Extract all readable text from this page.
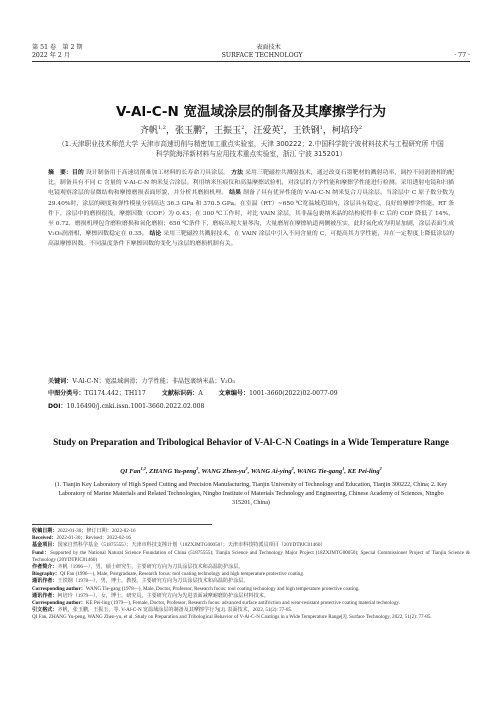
第 51 卷　第 2 期	表面技术
2022 年 2 月	SURFACE TECHNOLOGY	· 77 ·
V-Al-C-N 宽温域涂层的制备及其摩擦学行为
齐帆$^{1,2}$，张玉鹏$^2$，王振玉$^2$，汪爱英$^2$，王铁钢$^1$，柯培玲$^2$
（1.天津职业技术师范大学 天津市高速切削与精密加工重点实验室，天津 300222；2.中国科学院宁波材料技术与工程研究所 中国科学院海洋新材料与应用技术重点实验室，浙江 宁波 315201）
摘　要：目的 设计制备用于高速切削难加工材料的长寿命刀具涂层。 方法 采用三靶磁控共溅射技术，通过改变石墨靶材的溅射功率，调控不同润滑相的配比，制备具有不同 C 含量的 V-Al-C-N 纳米复合涂层。利用纳米压痕仪和高温摩擦试验机，对涂层的力学性能和摩擦学性能进行检测。采用透射电镜和扫描电镜观察涂层的显微结构和摩擦磨损表面形貌，并分析其磨损机理。 结果 制备了具有优异性能的 V-Al-C-N 纳米复合刀具涂层。当涂层中 C 原子数分数为 29.40%时，涂层的硬度和弹性模量分别高达 36.3 GPa 和 370.5 GPa。在室温（RT）~650 ℃宽温域范围内，涂层具有稳定、良好的摩擦学性能。RT 条件下，涂层中的磨损很浅，摩擦因数（COF）为 0.43；在 300 ℃工作时，对比 VAlN 涂层，其非晶包裹纳米晶的结构使得非 C 后的 COF 降低了 14%，至 0.72，磨损机理包含磨粒磨损和氧化磨损；650 ℃条件下，磨痕出现大量琴沟，大量磨屑在摩擦轨道两侧被压实，此时氧化成为明显加剧，涂层表面生成 V₂O₅润滑相，摩擦因数稳定在 0.35。 结论 采用三靶磁控共溅射技术，在 VAlN 涂层中引入不同含量的 C，可提高其力学性能，并在一定程度上降低涂层的高温摩擦因数。不同温度条件下摩擦因数的变化与涂层的磨损机制有关。
关键词：V-Al-C-N；宽温域润滑；力学性能；非晶包裹纳米晶；V₂O₅
中图分类号：TG174.442；TH117	文献标识码：A	文章编号：1001-3660(2022)02-0077-09
DOI：10.16490/j.cnki.issn.1001-3660.2022.02.008
Study on Preparation and Tribological Behavior of V-Al-C-N Coatings in a Wide Temperature Range
QI Fan$^{1,2}$, ZHANG Yu-peng$^2$, WANG Zhen-$yu^2$, WANG Ai-ying$^2$, WANG Tie-gang$^1$, KE Pei-ling$^2$
(1. Tianjin Key Laboratory of High Speed Cutting and Precision Manufacturing, Tianjin University of Technology and Education, Tianjin 300222, China; 2. Key Laboratory of Marine Materials and Related Technologies, Ningbo Institute of Materials Technology and Engineering, Chinese Academy of Sciences, Ningbo 315201, China)
收稿日期：2022-01-30；修订日期：2022-02-16
Received：2022-01-30；Revised：2022-02-16
基金项目：国家自然科学基金（51875555）；天津市科技支撑计划（18ZXJMTG00050）；天津市科技特派员项目（20YDTPJC01460）
Fund：Supported by the National Natural Science Foundation of China (51875555); Tianjin Science and Technology Major Project (18ZXJMTG00050); Special Commissioner Project of Tianjin Science & Technology (20YDTPJC01460)
作者简介：齐帆（1996—），男，硕士研究生，主要研究方向为刀具涂层技术和高温防护涂层。
Biography：QI Fan (1996—), Male, Postgraduate, Research focus: tool coating technology and high temperature protective coating.
通讯作者：王铁钢（1978—），男，博士，教授，主要研究方向为刀具涂层技术和高温防护涂层。
Corresponding author：WANG Tie-gang (1978—), Male, Doctor, Professor, Research focus: tool coating technology and high temperature protective coating.
通讯作者：柯培玲（1979—），女，博士，研究员，主要研究方向为先进表面减摩耐磨防护涂层材料技术。
Corresponding author：KE Pei-ling (1979—), Female, Doctor, Professor, Research focus: advanced surface antifriction and wear-resistant protective coating material technology.
引文格式：齐帆，张玉鹏，王振玉，等. V-Al-C-N 宽温域涂层的制备及其摩擦学行为[J]. 表面技术，2022, 51(2): 77-85.
QI Fan, ZHANG Yu-peng, WANG Zhen-yu, et al. Study on Preparation and Tribological Behavior of V-Al-C-N Coatings in a Wide Temperature Range[J]. Surface Technology, 2022, 51(2): 77-85.
